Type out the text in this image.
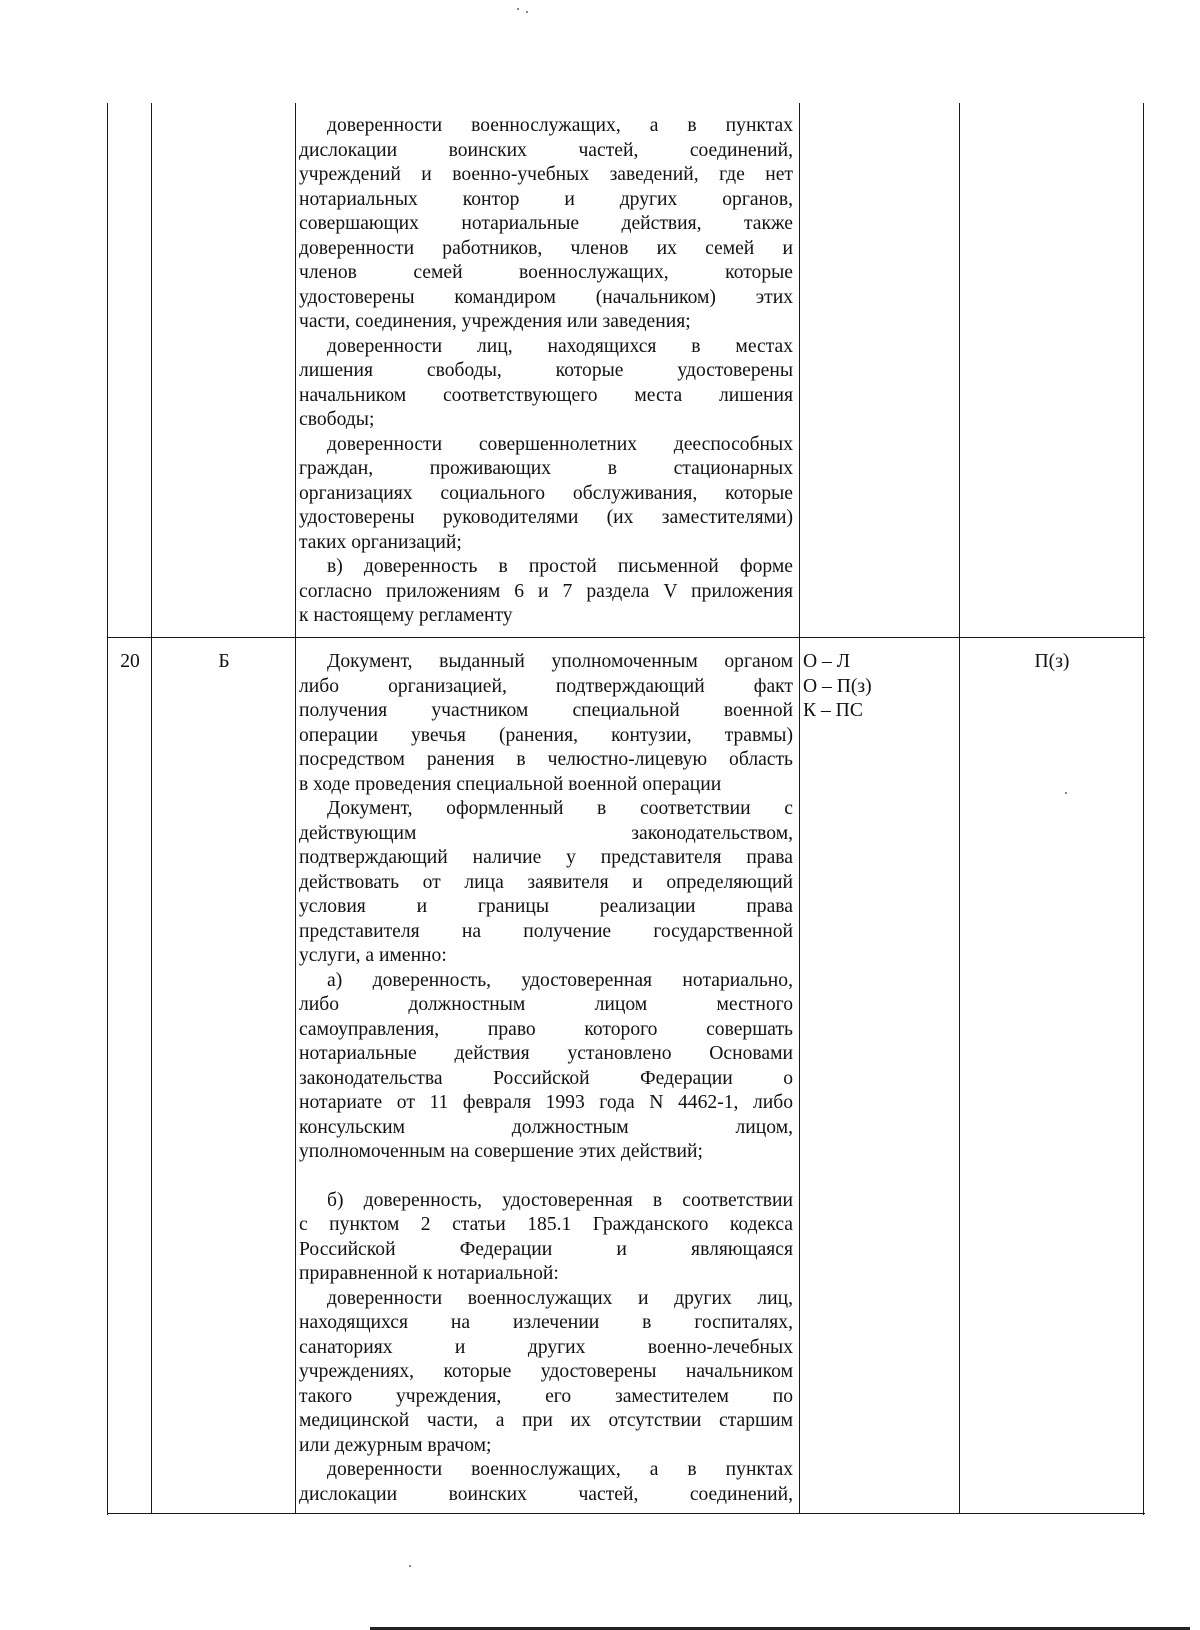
доверенности военнослужащих, а в пунктах

дислокации воинских частей, соединений,

учреждений и военно-учебных заведений, где нет

нотариальных контор и других органов,

совершающих нотариальные действия, также

доверенности работников, членов их семей и

членов семей военнослужащих, которые

удостоверены командиром (начальником) этих

части, соединения, учреждения или заведения;

доверенности лиц, находящихся в местах

лишения свободы, которые удостоверены

начальником соответствующего места лишения

свободы;

доверенности совершеннолетних дееспособных

граждан, проживающих в стационарных

организациях социального обслуживания, которые

удостоверены руководителями (их заместителями)

таких организаций;

в) доверенность в простой письменной форме

согласно приложениям 6 и 7 раздела V приложения

к настоящему регламенту

20	Б	Документ, выданный уполномоченным органом

либо организацией, подтверждающий факт

получения участником специальной военной

операции увечья (ранения, контузии, травмы)

посредством ранения в челюстно-лицевую область

в ходе проведения специальной военной операции

Документ, оформленный в соответствии с

действующим законодательством,

подтверждающий наличие у представителя права

действовать от лица заявителя и определяющий

условия и границы реализации права

представителя на получение государственной

услуги, а именно:

а) доверенность, удостоверенная нотариально,

либо должностным лицом местного

самоуправления, право которого совершать

нотариальные действия установлено Основами

законодательства Российской Федерации о

нотариате от 11 февраля 1993 года N 4462-1, либо

консульским должностным лицом,

уполномоченным на совершение этих действий;

б) доверенность, удостоверенная в соответствии

с пунктом 2 статьи 185.1 Гражданского кодекса

Российской Федерации и являющаяся

приравненной к нотариальной:

доверенности военнослужащих и других лиц,

находящихся на излечении в госпиталях,

санаториях и других военно-лечебных

учреждениях, которые удостоверены начальником

такого учреждения, его заместителем по

медицинской части, а при их отсутствии старшим

или дежурным врачом;

доверенности военнослужащих, а в пунктах

дислокации воинских частей, соединений,

О – Л

О – П(з)

К – ПС

П(з)
